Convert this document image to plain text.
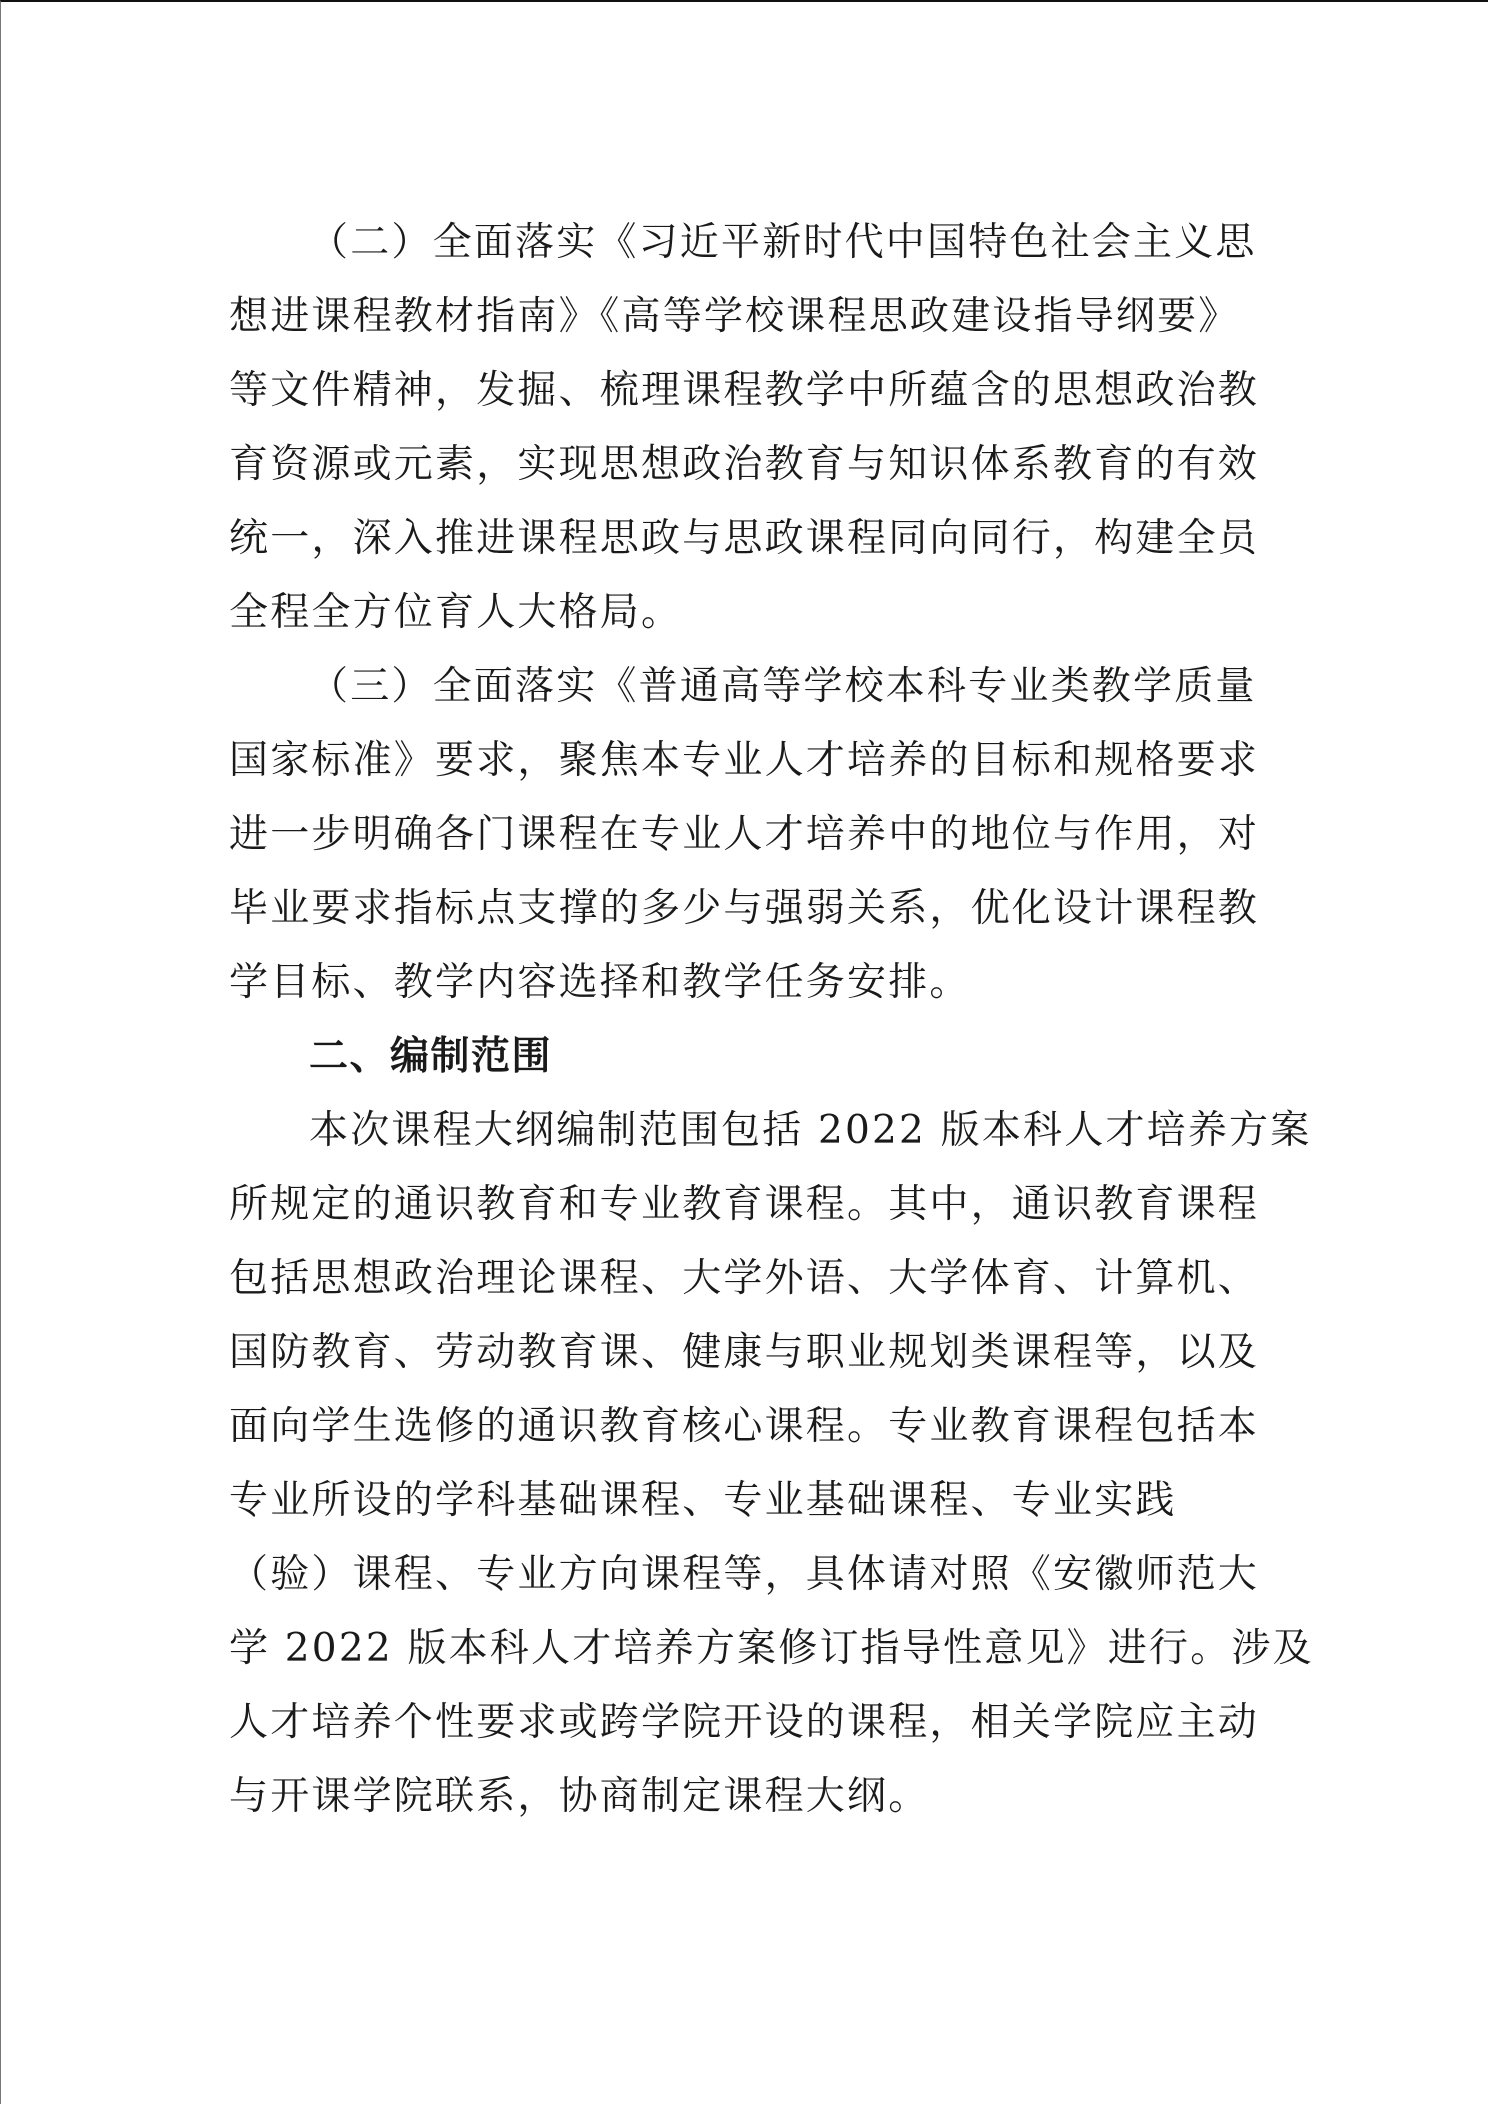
（二）全面落实《习近平新时代中国特色社会主义思
想进课程教材指南》《高等学校课程思政建设指导纲要》
等文件精神，发掘、梳理课程教学中所蕴含的思想政治教
育资源或元素，实现思想政治教育与知识体系教育的有效
统一，深入推进课程思政与思政课程同向同行，构建全员
全程全方位育人大格局。
（三）全面落实《普通高等学校本科专业类教学质量
国家标准》要求，聚焦本专业人才培养的目标和规格要求
进一步明确各门课程在专业人才培养中的地位与作用，对
毕业要求指标点支撑的多少与强弱关系，优化设计课程教
学目标、教学内容选择和教学任务安排。
二、编制范围
本次课程大纲编制范围包括 2022 版本科人才培养方案
所规定的通识教育和专业教育课程。其中，通识教育课程
包括思想政治理论课程、大学外语、大学体育、计算机、
国防教育、劳动教育课、健康与职业规划类课程等，以及
面向学生选修的通识教育核心课程。专业教育课程包括本
专业所设的学科基础课程、专业基础课程、专业实践
（验）课程、专业方向课程等，具体请对照《安徽师范大
学 2022 版本科人才培养方案修订指导性意见》进行。涉及
人才培养个性要求或跨学院开设的课程，相关学院应主动
与开课学院联系，协商制定课程大纲。
